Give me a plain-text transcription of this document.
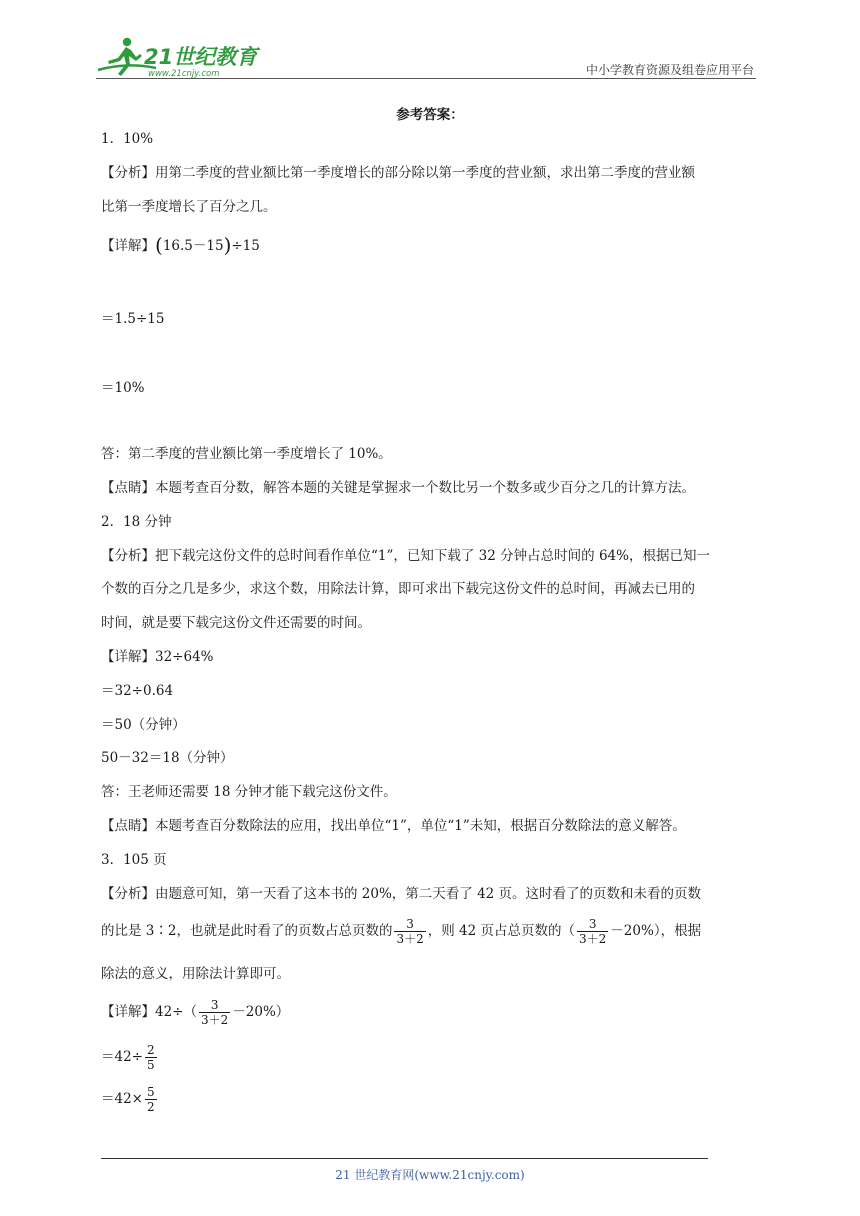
21世纪教育
www.21cnjy.com	中小学教育资源及组卷应用平台
参考答案：
1．10%
【分析】用第二季度的营业额比第一季度增长的部分除以第一季度的营业额，求出第二季度的营业额
比第一季度增长了百分之几。
【详解】(16.5－15)÷15
＝1.5÷15
＝10%
答：第二季度的营业额比第一季度增长了 10%。
【点睛】本题考查百分数，解答本题的关键是掌握求一个数比另一个数多或少百分之几的计算方法。
2．18 分钟
【分析】把下载完这份文件的总时间看作单位“1”，已知下载了 32 分钟占总时间的 64%，根据已知一
个数的百分之几是多少，求这个数，用除法计算，即可求出下载完这份文件的总时间，再减去已用的
时间，就是要下载完这份文件还需要的时间。
【详解】32÷64%
＝32÷0.64
＝50（分钟）
50－32＝18（分钟）
答：王老师还需要 18 分钟才能下载完这份文件。
【点睛】本题考查百分数除法的应用，找出单位“1”，单位“1”未知，根据百分数除法的意义解答。
3．105 页
【分析】由题意可知，第一天看了这本书的 20%，第二天看了 42 页。这时看了的页数和未看的页数
的比是 3∶2，也就是此时看了的页数占总页数的 $\frac{3}{3+2}$ ，则 42 页占总页数的（ $\frac{3}{3+2} -20\%$），根据
除法的意义，用除法计算即可。
【详解】$42\div( \frac{3}{3+2} -20\%)$
$=42\div \frac{2}{5}$
$=42\times \frac{5}{2}$
21 世纪教育网(www.21cnjy.com)
